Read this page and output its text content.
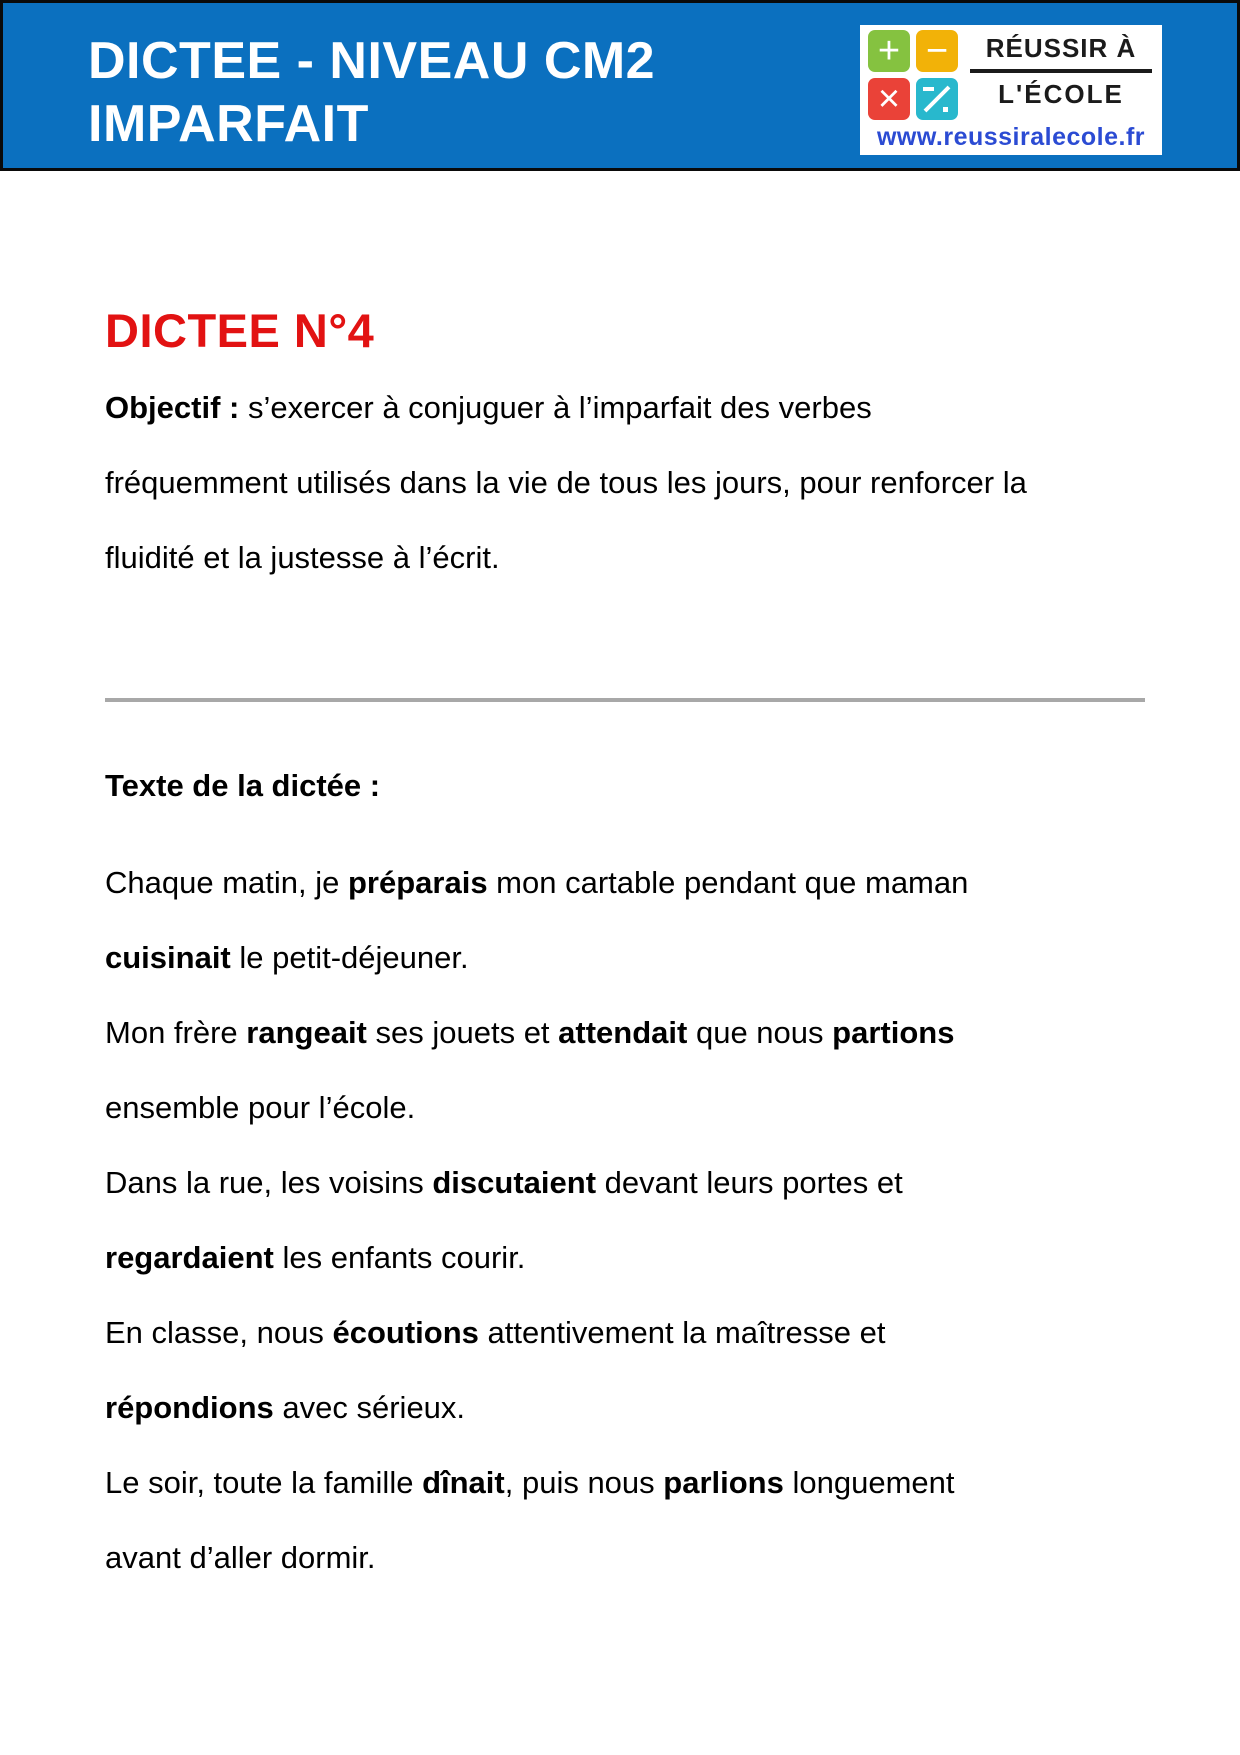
DICTEE - NIVEAU CM2
IMPARFAIT
+ −
×
RÉUSSIR À
L'ÉCOLE
www.reussiralecole.fr
DICTEE N°4
Objectif : s’exercer à conjuguer à l’imparfait des verbes
fréquemment utilisés dans la vie de tous les jours, pour renforcer la
fluidité et la justesse à l’écrit.
Texte de la dictée :
Chaque matin, je préparais mon cartable pendant que maman
cuisinait le petit-déjeuner.
Mon frère rangeait ses jouets et attendait que nous partions
ensemble pour l’école.
Dans la rue, les voisins discutaient devant leurs portes et
regardaient les enfants courir.
En classe, nous écoutions attentivement la maîtresse et
répondions avec sérieux.
Le soir, toute la famille dînait, puis nous parlions longuement
avant d’aller dormir.
